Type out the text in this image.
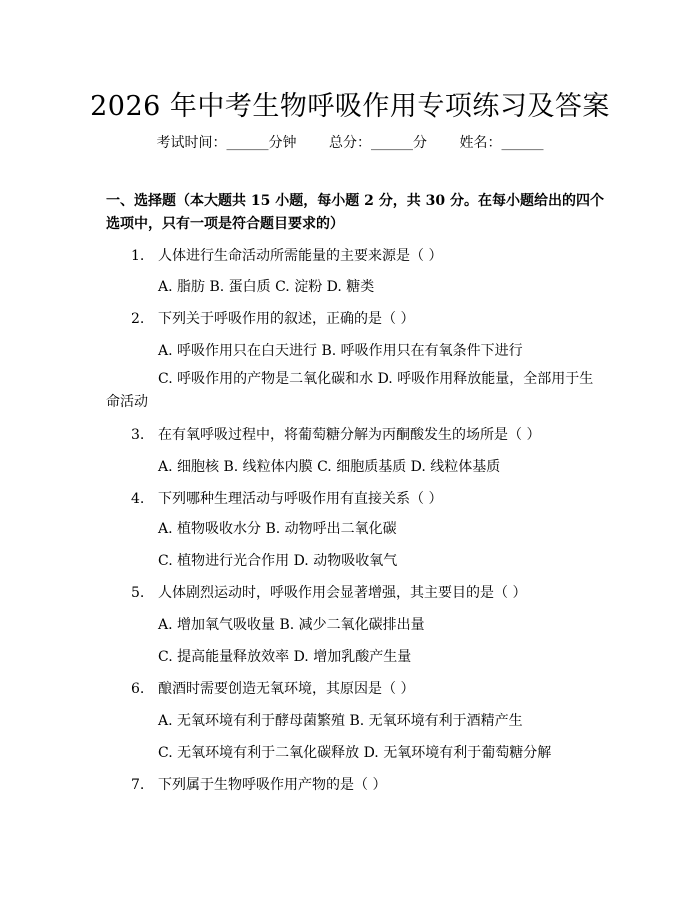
2026 年中考生物呼吸作用专项练习及答案
考试时间：______分钟 总分：______分 姓名：______
一、选择题（本大题共 15 小题，每小题 2 分，共 30 分。在每小题给出的四个选项中，只有一项是符合题目要求的）
1. 人体进行生命活动所需能量的主要来源是（ ）
A. 脂肪 B. 蛋白质 C. 淀粉 D. 糖类
2. 下列关于呼吸作用的叙述，正确的是（ ）
A. 呼吸作用只在白天进行 B. 呼吸作用只在有氧条件下进行
C. 呼吸作用的产物是二氧化碳和水 D. 呼吸作用释放能量，全部用于生命活动
3. 在有氧呼吸过程中，将葡萄糖分解为丙酮酸发生的场所是（ ）
A. 细胞核 B. 线粒体内膜 C. 细胞质基质 D. 线粒体基质
4. 下列哪种生理活动与呼吸作用有直接关系（ ）
A. 植物吸收水分 B. 动物呼出二氧化碳
C. 植物进行光合作用 D. 动物吸收氧气
5. 人体剧烈运动时，呼吸作用会显著增强，其主要目的是（ ）
A. 增加氧气吸收量 B. 减少二氧化碳排出量
C. 提高能量释放效率 D. 增加乳酸产生量
6. 酿酒时需要创造无氧环境，其原因是（ ）
A. 无氧环境有利于酵母菌繁殖 B. 无氧环境有利于酒精产生
C. 无氧环境有利于二氧化碳释放 D. 无氧环境有利于葡萄糖分解
7. 下列属于生物呼吸作用产物的是（ ）
